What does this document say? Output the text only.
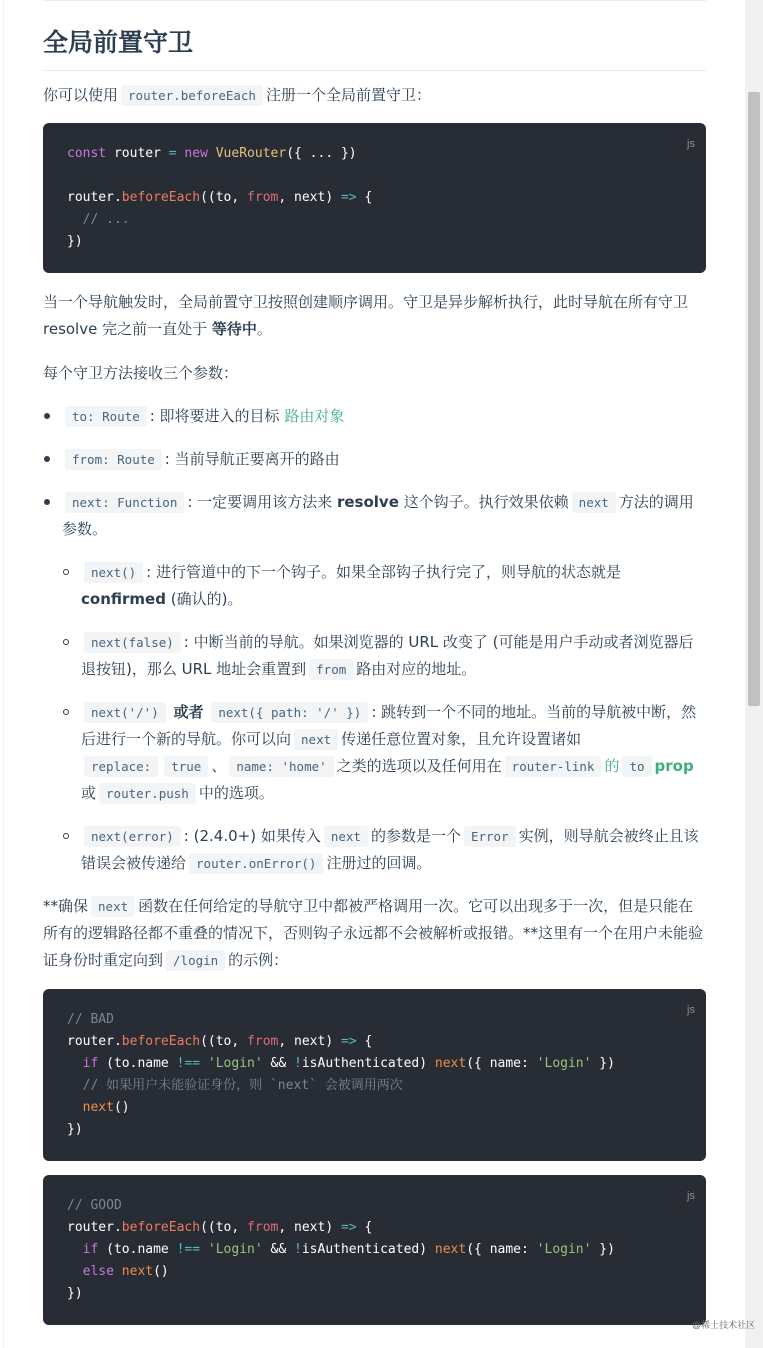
全局前置守卫

你可以使用 router.beforeEach 注册一个全局前置守卫：

js
const router = new VueRouter({ ... })

router.beforeEach((to, from, next) => {
// ...
})

当一个导航触发时，全局前置守卫按照创建顺序调用。守卫是异步解析执行，此时导航在所有守卫 resolve 完之前一直处于 等待中。

每个守卫方法接收三个参数：

to: Route : 即将要进入的目标 路由对象

from: Route : 当前导航正要离开的路由

next: Function : 一定要调用该方法来 resolve 这个钩子。执行效果依赖 next 方法的调用参数。

next() : 进行管道中的下一个钩子。如果全部钩子执行完了，则导航的状态就是 confirmed (确认的)。

next(false) : 中断当前的导航。如果浏览器的 URL 改变了 (可能是用户手动或者浏览器后退按钮)，那么 URL 地址会重置到 from 路由对应的地址。

next('/') 或者 next({ path: '/' }) : 跳转到一个不同的地址。当前的导航被中断，然后进行一个新的导航。你可以向 next 传递任意位置对象，且允许设置诸如replace: true 、 name: 'home' 之类的选项以及任何用在 router-link 的 to prop 或 router.push 中的选项。

next(error) : (2.4.0+) 如果传入 next 的参数是一个 Error 实例，则导航会被终止且该错误会被传递给 router.onError() 注册过的回调。

**确保 next 函数在任何给定的导航守卫中都被严格调用一次。它可以出现多于一次，但是只能在所有的逻辑路径都不重叠的情况下，否则钩子永远都不会被解析或报错。**这里有一个在用户未能验证身份时重定向到 /login 的示例：

js
// BAD
router.beforeEach((to, from, next) => {
if (to.name !== 'Login' && !isAuthenticated) next({ name: 'Login' })
// 如果用户未能验证身份，则 `next` 会被调用两次
next()
})
js
// GOOD
router.beforeEach((to, from, next) => {
if (to.name !== 'Login' && !isAuthenticated) next({ name: 'Login' })
else next()
})
@稀土技术社区
